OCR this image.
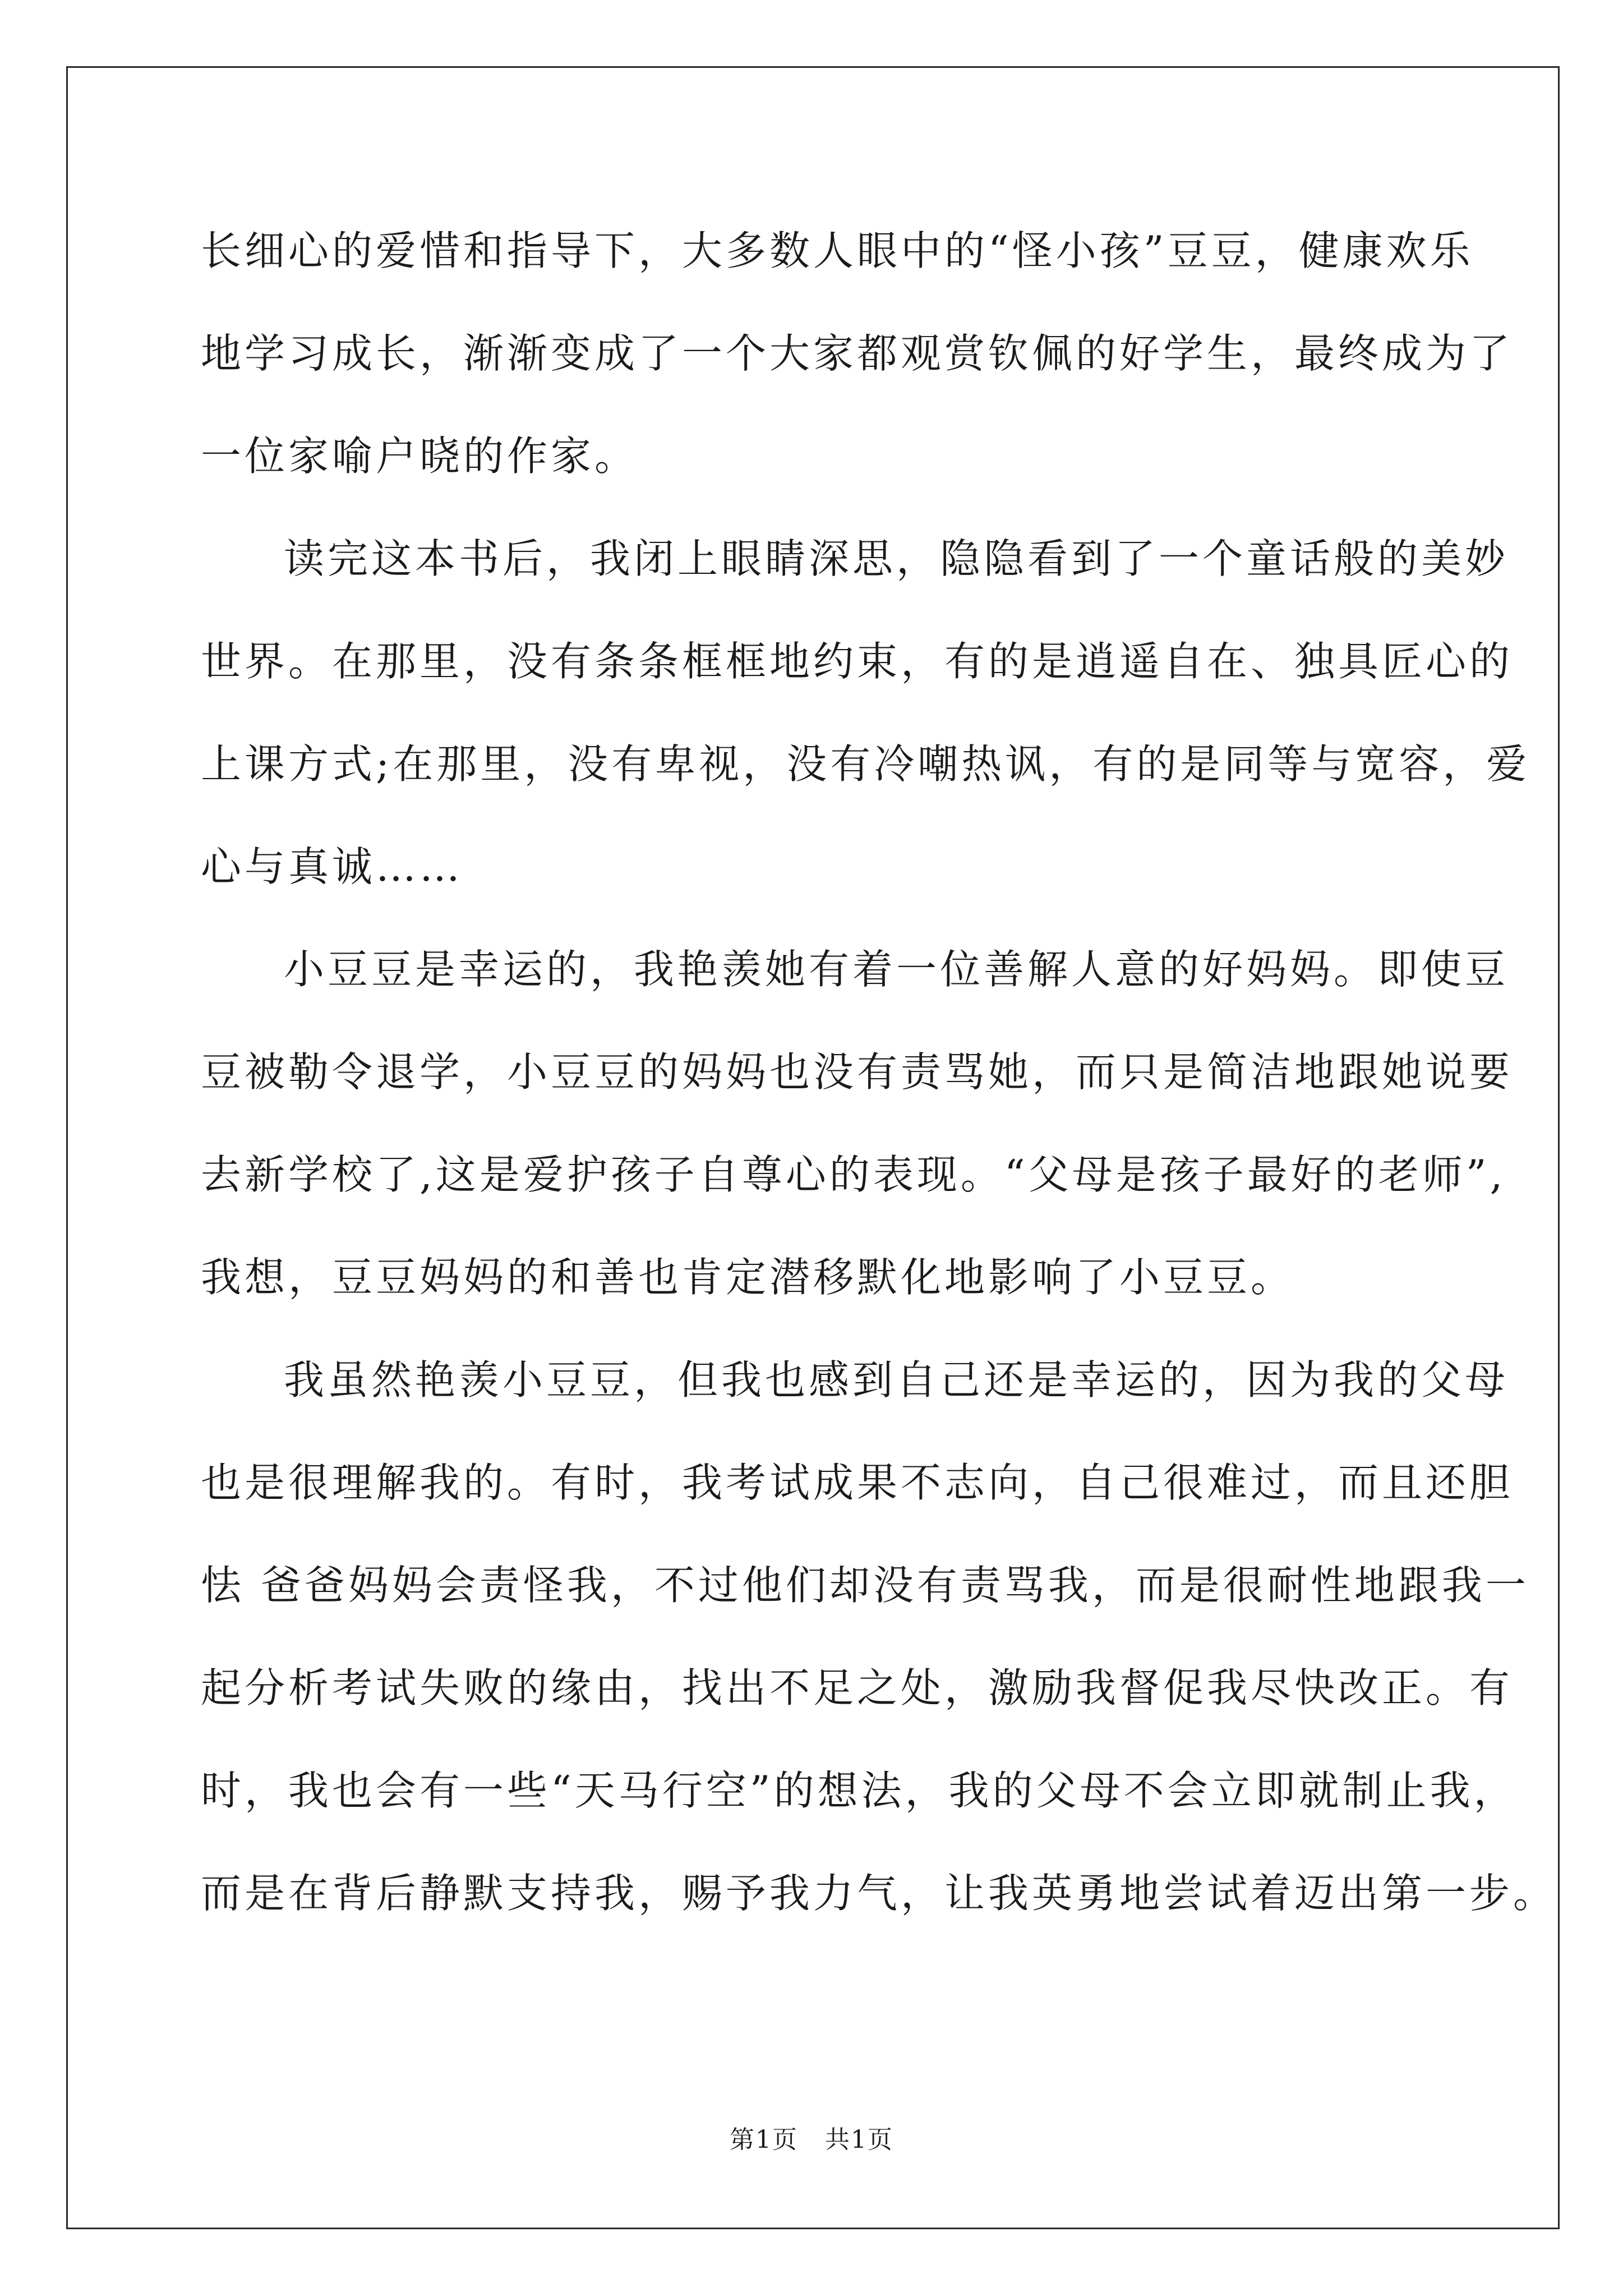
长细心的爱惜和指导下，大多数人眼中的“怪小孩”豆豆，健康欢乐
地学习成长，渐渐变成了一个大家都观赏钦佩的好学生，最终成为了
一位家喻户晓的作家。
读完这本书后，我闭上眼睛深思，隐隐看到了一个童话般的美妙
世界。在那里，没有条条框框地约束，有的是逍遥自在、独具匠心的
上课方式;在那里，没有卑视，没有冷嘲热讽，有的是同等与宽容，爱
心与真诚……
小豆豆是幸运的，我艳羡她有着一位善解人意的好妈妈。即使豆
豆被勒令退学，小豆豆的妈妈也没有责骂她，而只是简洁地跟她说要
去新学校了,这是爱护孩子自尊心的表现。“父母是孩子最好的老师”,
我想，豆豆妈妈的和善也肯定潜移默化地影响了小豆豆。
我虽然艳羡小豆豆，但我也感到自己还是幸运的，因为我的父母
也是很理解我的。有时，我考试成果不志向，自己很难过，而且还胆
怯 爸爸妈妈会责怪我，不过他们却没有责骂我，而是很耐性地跟我一
起分析考试失败的缘由，找出不足之处，激励我督促我尽快改正。有
时，我也会有一些“天马行空”的想法，我的父母不会立即就制止我，
而是在背后静默支持我，赐予我力气，让我英勇地尝试着迈出第一步。
第1页 共1页
